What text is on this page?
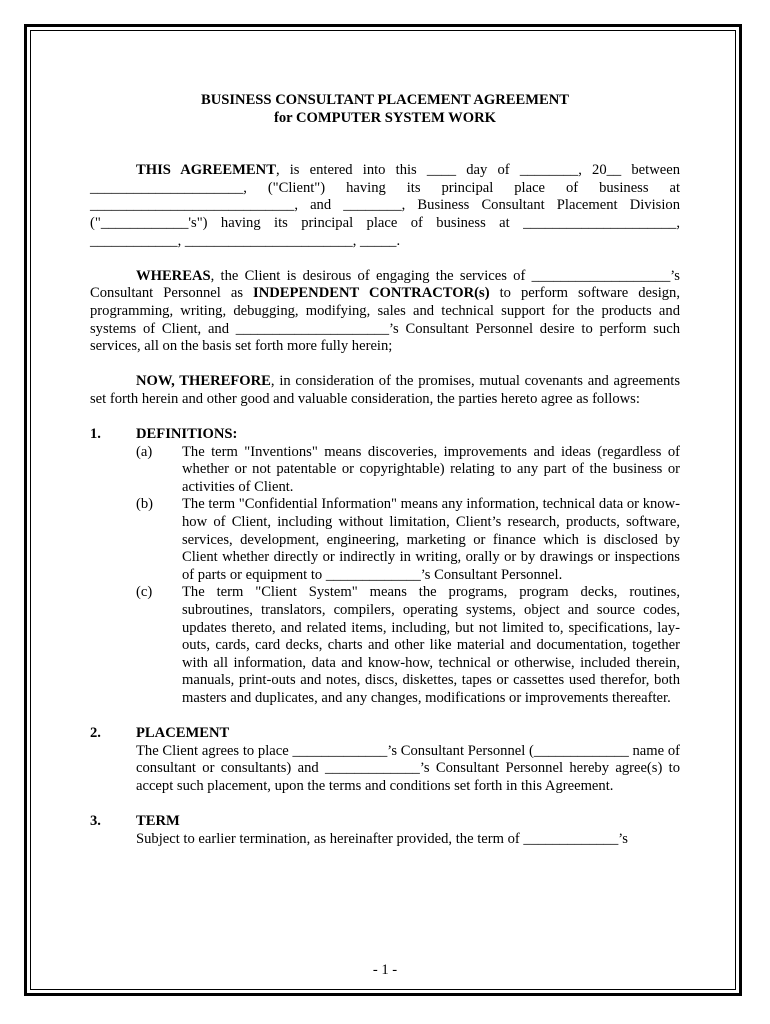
BUSINESS CONSULTANT PLACEMENT AGREEMENT

for COMPUTER SYSTEM WORK

THIS AGREEMENT, is entered into this ____ day of ________, 20__ between _____________________, ("Client") having its principal place of business at ____________________________, and ________, Business Consultant Placement Division ("____________'s") having its principal place of business at _____________________, ____________, _______________________, _____.

WHEREAS, the Client is desirous of engaging the services of ___________________’s Consultant Personnel as INDEPENDENT CONTRACTOR(s) to perform software design, programming, writing, debugging, modifying, sales and technical support for the products and systems of Client, and _____________________’s Consultant Personnel desire to perform such services, all on the basis set forth more fully herein;

NOW, THEREFORE, in consideration of the promises, mutual covenants and agreements set forth herein and other good and valuable consideration, the parties hereto agree as follows:

1.	DEFINITIONS:
(a)	The term "Inventions" means discoveries, improvements and ideas (regardless of whether or not patentable or copyrightable) relating to any part of the business or activities of Client.
(b)	The term "Confidential Information" means any information, technical data or know-how of Client, including without limitation, Client’s research, products, software, services, development, engineering, marketing or finance which is disclosed by Client whether directly or indirectly in writing, orally or by drawings or inspections of parts or equipment to _____________’s Consultant Personnel.
(c)	The term "Client System" means the programs, program decks, routines, subroutines, translators, compilers, operating systems, object and source codes, updates thereto, and related items, including, but not limited to, specifications, lay-outs, cards, card decks, charts and other like material and documentation, together with all information, data and know-how, technical or otherwise, included therein, manuals, print-outs and notes, discs, diskettes, tapes or cassettes used therefor, both masters and duplicates, and any changes, modifications or improvements thereafter.
2.	PLACEMENT

The Client agrees to place _____________’s Consultant Personnel (_____________ name of consultant or consultants) and _____________’s Consultant Personnel hereby agree(s) to accept such placement, upon the terms and conditions set forth in this Agreement.

3.	TERM

Subject to earlier termination, as hereinafter provided, the term of _____________’s

- 1 -
